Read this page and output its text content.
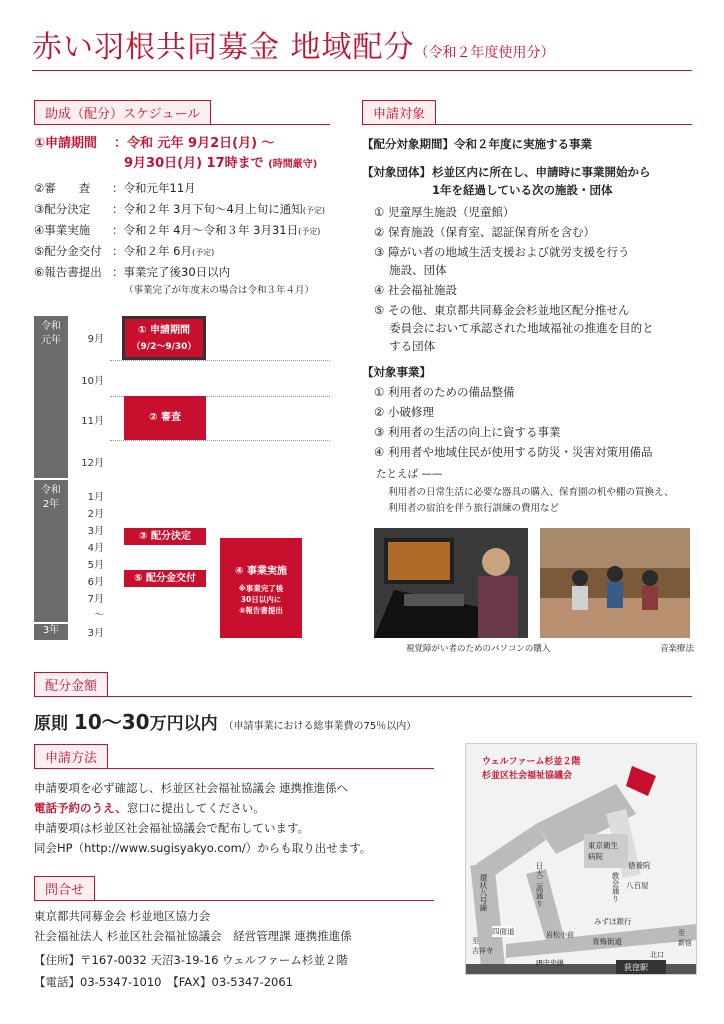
赤い羽根共同募金 地域配分（令和２年度使用分）
助成（配分）スケジュール
①申請期間 ：令和 元年 9月2日(月) 〜
9月30日(月) 17時まで (時間厳守)
②審　　査 ：令和元年11月
③配分決定 ：令和２年 3月下旬〜4月上旬に通知(予定)
④事業実施 ：令和２年 4月〜令和３年 3月31日(予定)
⑤配分金交付 ：令和２年 6月(予定)
⑥報告書提出 ：事業完了後30日以内
（事業完了が年度末の場合は令和３年４月）
令和
元年
令和
2年
3年
9月
10月
11月
12月
1月
2月
3月
4月
5月
6月
7月
〜
3月
① 申請期間
（9/2〜9/30）
② 審査
③ 配分決定
⑤ 配分金交付
④ 事業実施
※事業完了後
30日以内に
⑥報告書提出
申請対象
【配分対象期間】令和２年度に実施する事業
【対象団体】 杉並区内に所在し、申請時に事業開始から
1年を経過している次の施設・団体
① 児童厚生施設（児童館）
② 保育施設（保育室、認証保育所を含む）
③ 障がい者の地域生活支援および就労支援を行う
　 施設、団体
④ 社会福祉施設
⑤ その他、東京都共同募金会杉並地区配分推せん
　 委員会において承認された地域福祉の推進を目的と
　 する団体
【対象事業】
① 利用者のための備品整備
② 小破修理
③ 利用者の生活の向上に資する事業
④ 利用者や地域住民が使用する防災・災害対策用備品
たとえば ——
利用者の日常生活に必要な器具の購入、保育園の机や棚の買換え、
利用者の宿泊を伴う旅行訓練の費用など
視覚障がい者のためのパソコンの購入	音楽療法
配分金額
原則 10〜30万円以内 （申請事業における総事業費の75％以内）
申請方法
申請要項を必ず確認し、杉並区社会福祉協議会 連携推進係へ
電話予約のうえ、窓口に提出してください。
申請要項は杉並区社会福祉協議会で配布しています。
同会HP（http://www.sugisyakyo.com/）からも取り出せます。
問合せ
東京都共同募金会 杉並地区協力会
社会福祉法人 杉並区社会福祉協議会　経営管理課 連携推進係
【住所】〒167-0032 天沼3-19-16 ウェルファーム杉並２階
【電話】03-5347-1010　【FAX】03-5347-2061
ウェルファーム杉並２階
杉並区社会福祉協議会
東京衛生
病院
環状八号線	日大二高通り	教会通り
徳養院
八百屋
みずほ銀行
四面道	岩松小前
青梅街道
JR中央線
北口
荻窪駅
至
吉祥寺
至
新宿
